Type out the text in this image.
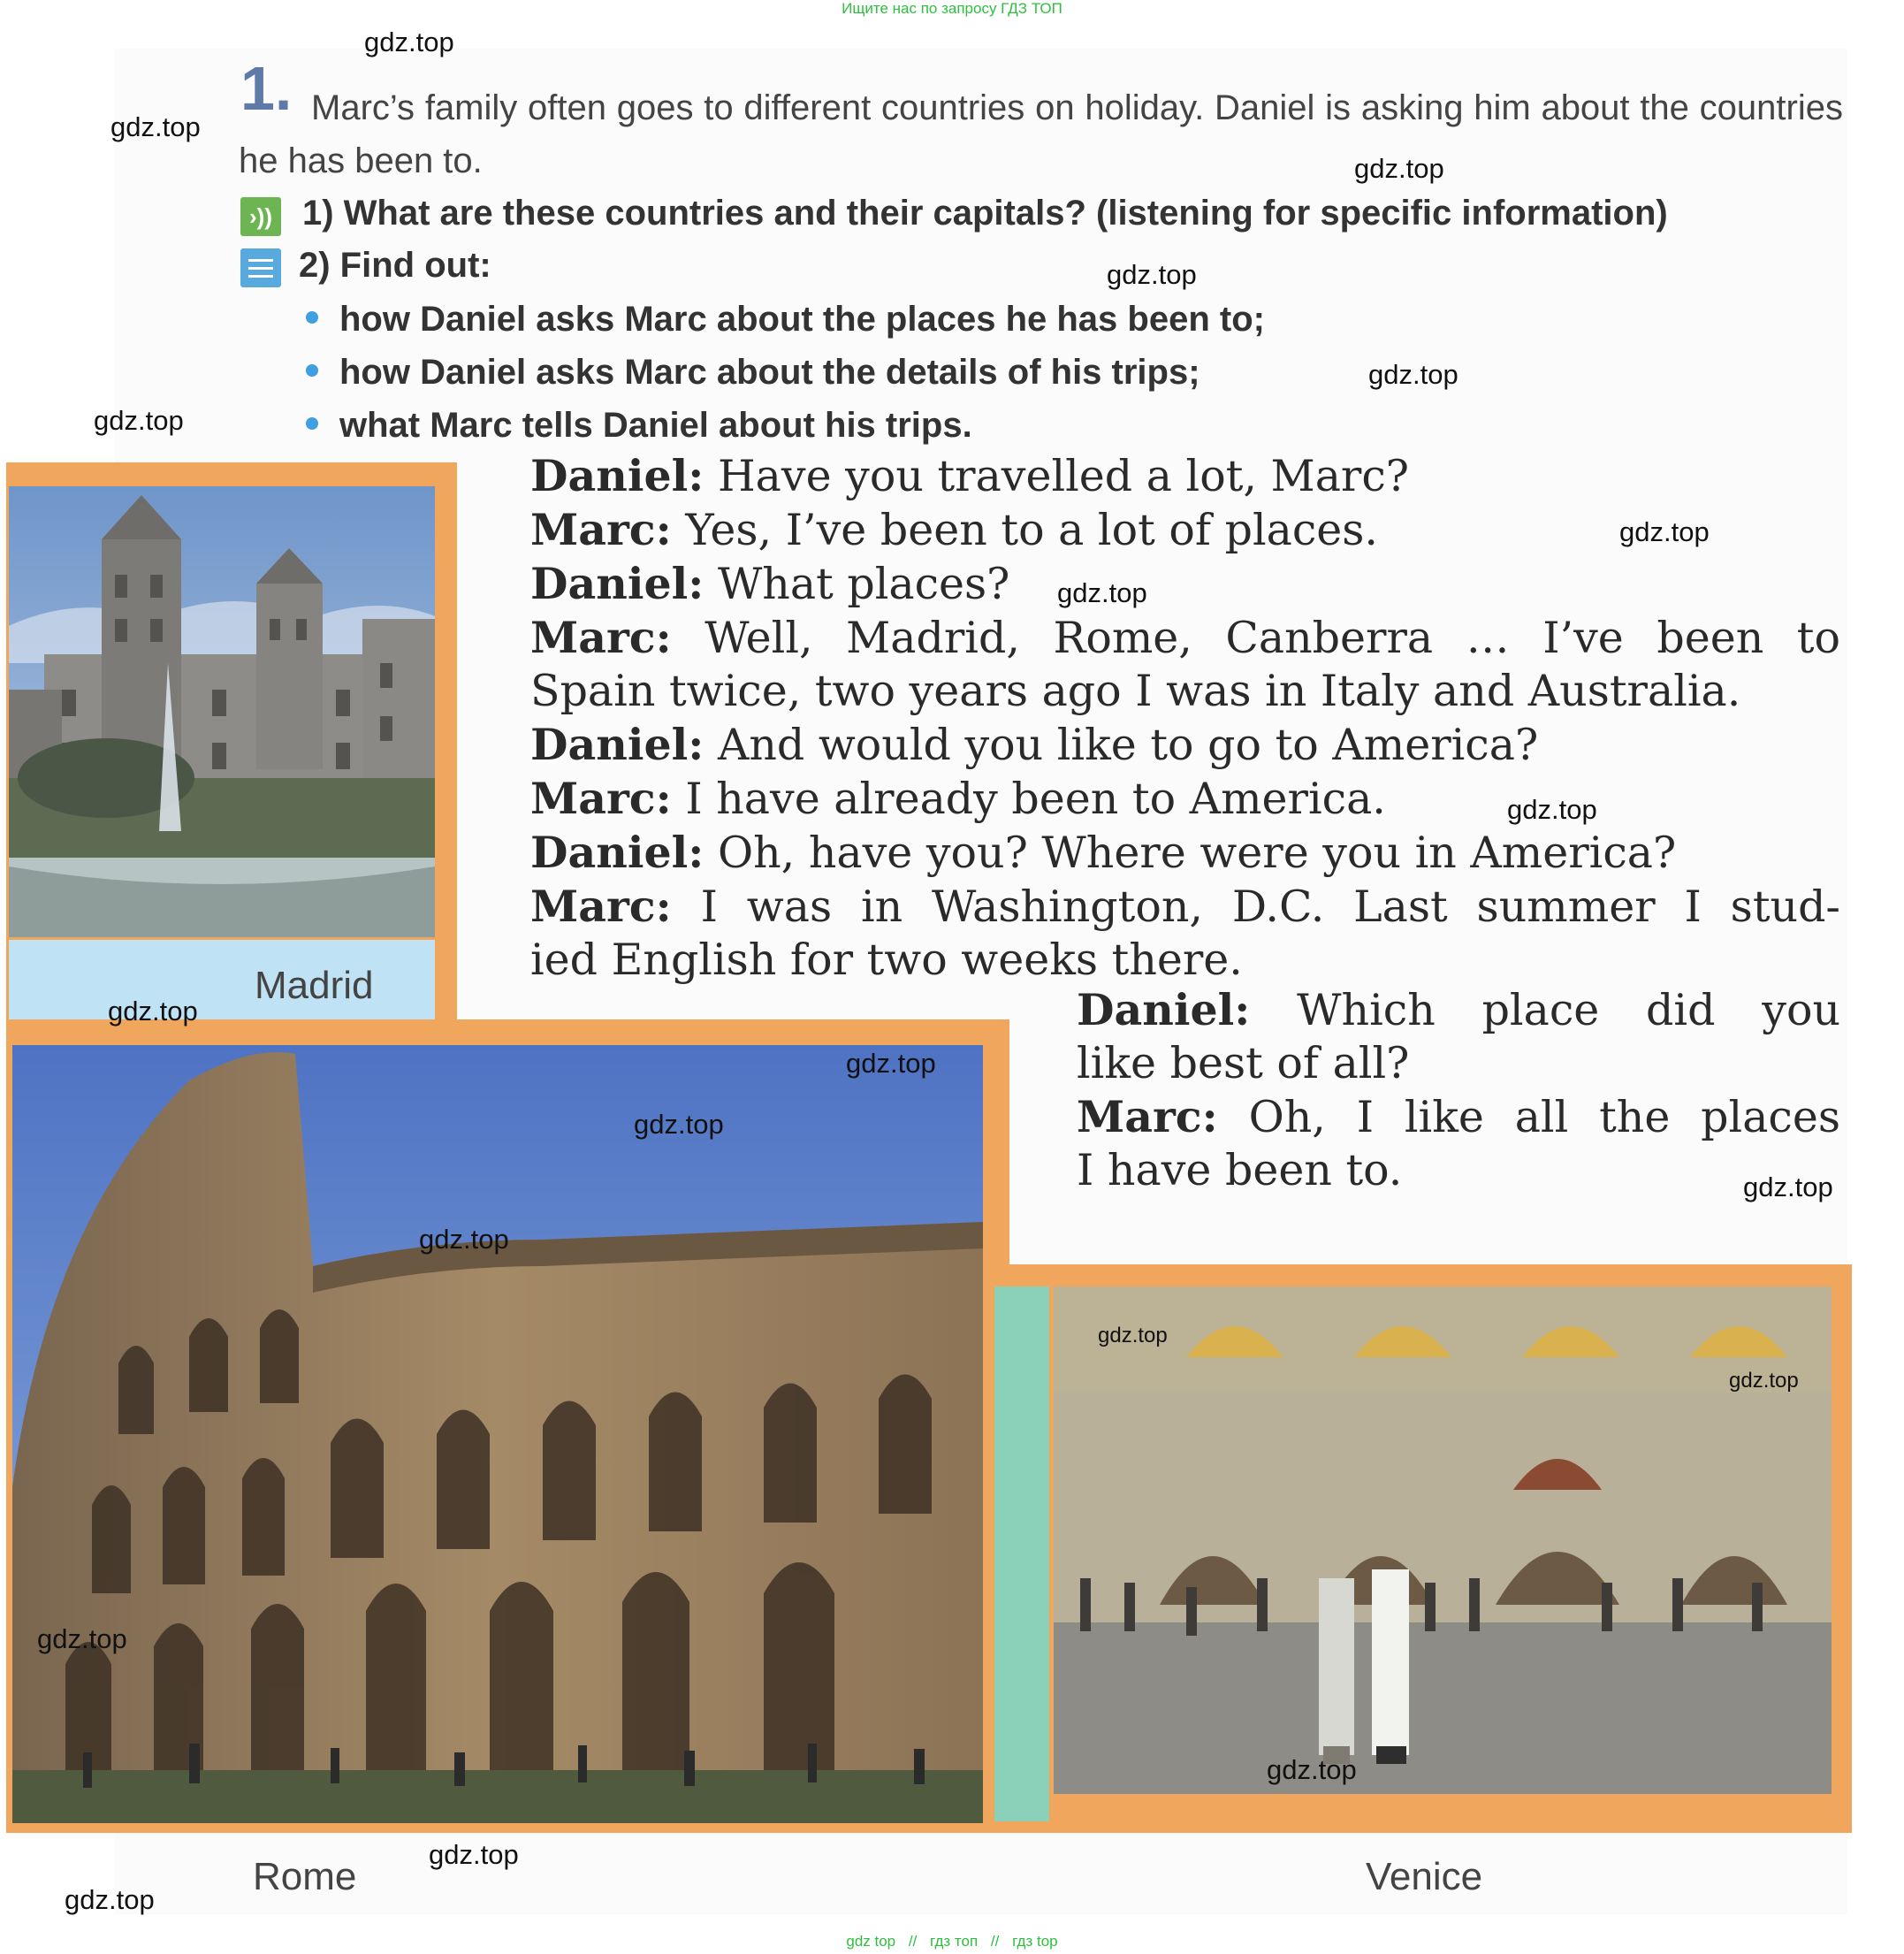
Ищите нас по запросу ГДЗ ТОП
1. Marc’s family often goes to different countries on holiday. Daniel is asking him about the countries he has been to.
›)) 1) What are these countries and their capitals? (listening for specific information)
2) Find out:
how Daniel asks Marc about the places he has been to;
how Daniel asks Marc about the details of his trips;
what Marc tells Daniel about his trips.
Madrid
Daniel: Have you travelled a lot, Marc?
Marc: Yes, I’ve been to a lot of places.
Daniel: What places?
Marc: Well, Madrid, Rome, Canberra … I’ve been to
Spain twice, two years ago I was in Italy and Australia.
Daniel: And would you like to go to America?
Marc: I have already been to America.
Daniel: Oh, have you? Where were you in America?
Marc: I was in Washington, D.C. Last summer I stud-
ied English for two weeks there.
Daniel: Which place did you
like best of all?
Marc: Oh, I like all the places
I have been to.
Rome	Venice
gdz.top
gdz.top
gdz.top
gdz.top
gdz.top
gdz.top
gdz.top
gdz.top
gdz.top
gdz.top
gdz.top
gdz.top
gdz.top
gdz.top
gdz.top
gdz.top
gdz.top
gdz.top
gdz.top
gdz.top
gdz top // гдз топ // гдз top
